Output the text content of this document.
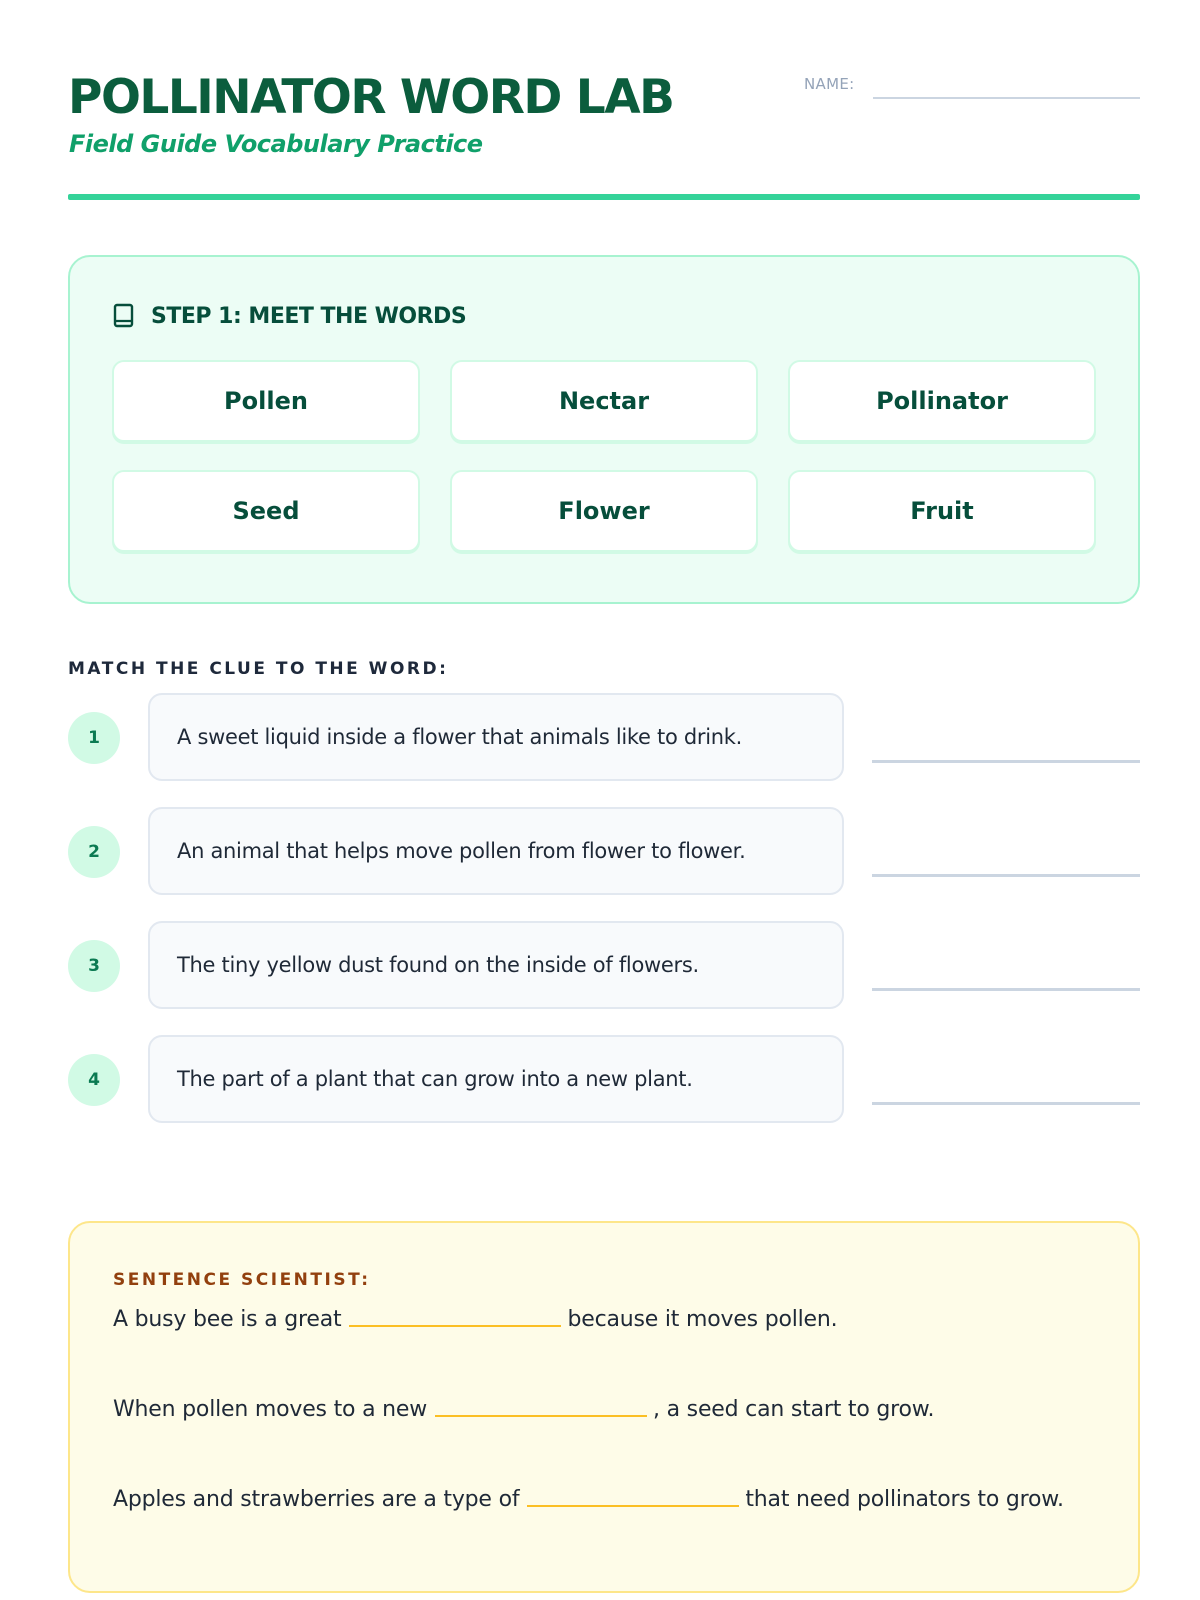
POLLINATOR WORD LAB
Field Guide Vocabulary Practice
NAME:
STEP 1: MEET THE WORDS
Pollen	Nectar	Pollinator
Seed	Flower	Fruit
MATCH THE CLUE TO THE WORD:
1	A sweet liquid inside a flower that animals like to drink.
2	An animal that helps move pollen from flower to flower.
3	The tiny yellow dust found on the inside of flowers.
4	The part of a plant that can grow into a new plant.
SENTENCE SCIENTIST:
A busy bee is a great	because it moves pollen.
When pollen moves to a new	, a seed can start to grow.
Apples and strawberries are a type of	that need pollinators to grow.
